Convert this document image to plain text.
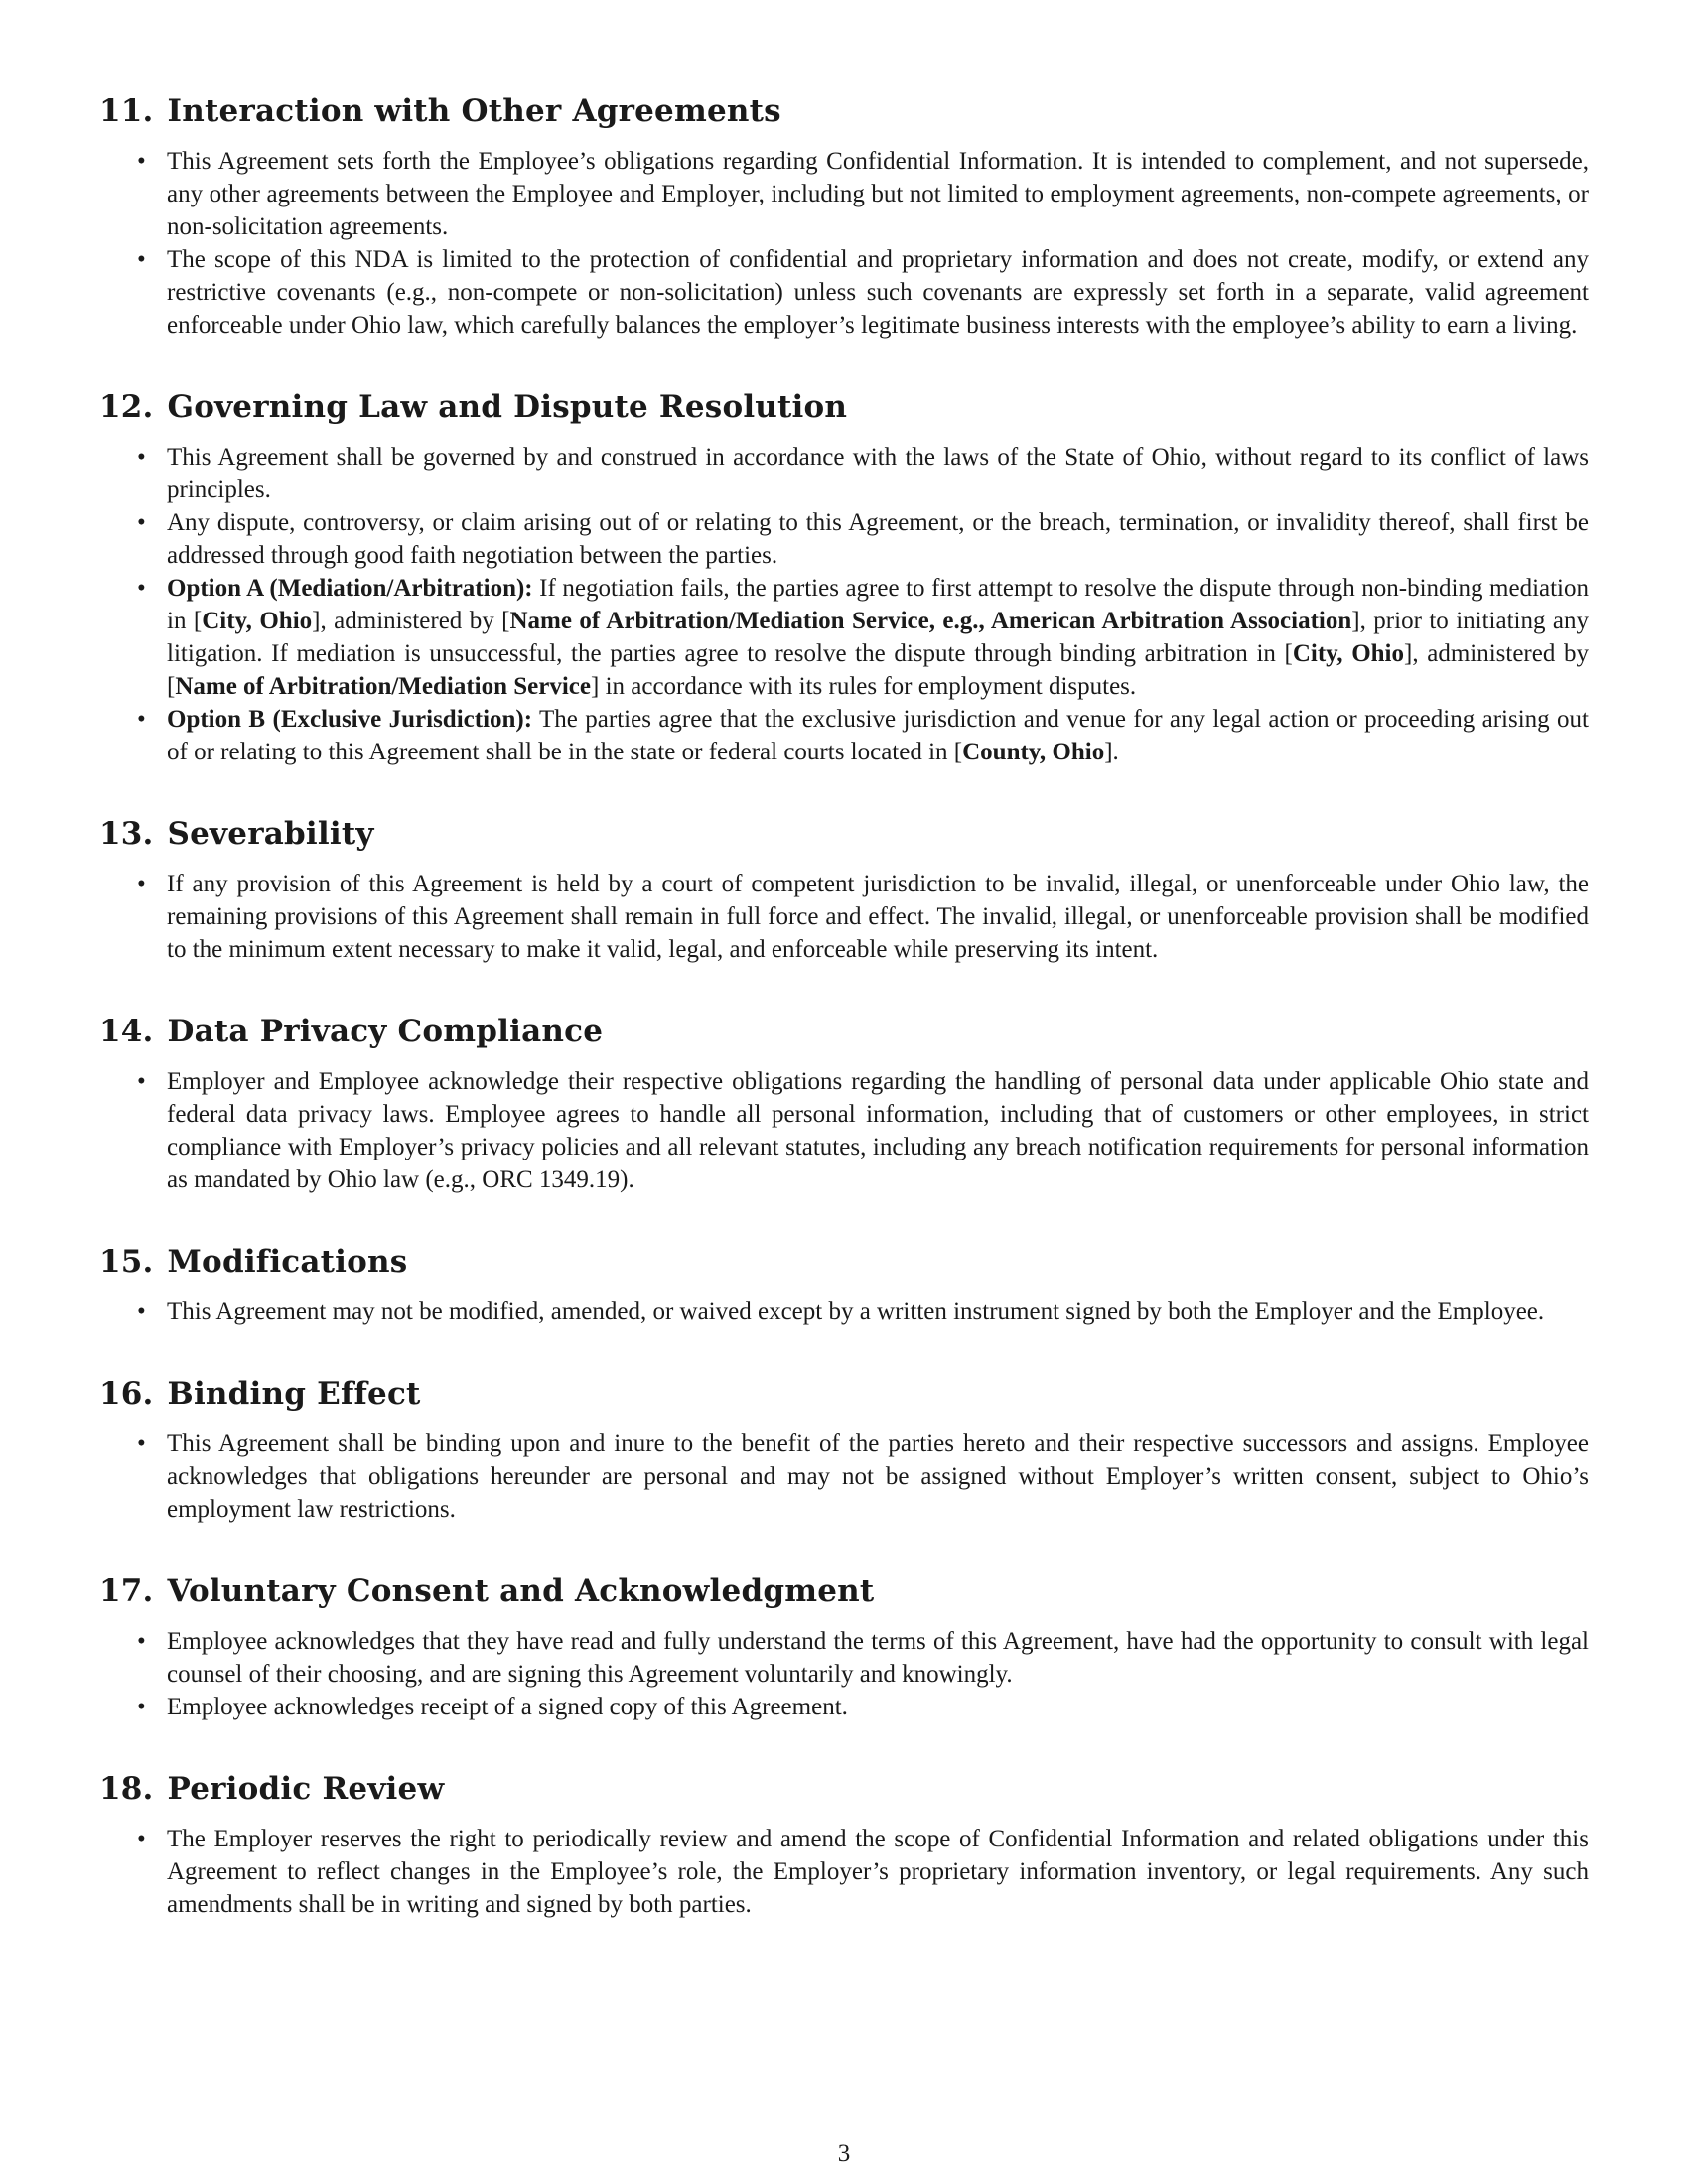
11. Interaction with Other Agreements
• This Agreement sets forth the Employee’s obligations regarding Confidential Information. It is intended to complement, and not supersede, any other agreements between the Employee and Employer, including but not limited to employment agreements, non-compete agreements, or non-solicitation agreements.
• The scope of this NDA is limited to the protection of confidential and proprietary information and does not create, modify, or extend any restrictive covenants (e.g., non-compete or non-solicitation) unless such covenants are expressly set forth in a separate, valid agreement enforceable under Ohio law, which carefully balances the employer’s legitimate business interests with the employee’s ability to earn a living.
12. Governing Law and Dispute Resolution
• This Agreement shall be governed by and construed in accordance with the laws of the State of Ohio, without regard to its conflict of laws principles.
• Any dispute, controversy, or claim arising out of or relating to this Agreement, or the breach, termination, or invalidity thereof, shall first be addressed through good faith negotiation between the parties.
• Option A (Mediation/Arbitration): If negotiation fails, the parties agree to first attempt to resolve the dispute through non-binding mediation in [City, Ohio], administered by [Name of Arbitration/Mediation Service, e.g., American Arbitration Association], prior to initiating any litigation. If mediation is unsuccessful, the parties agree to resolve the dispute through binding arbitration in [City, Ohio], administered by [Name of Arbitration/Mediation Service] in accordance with its rules for employment disputes.
• Option B (Exclusive Jurisdiction): The parties agree that the exclusive jurisdiction and venue for any legal action or proceeding arising out of or relating to this Agreement shall be in the state or federal courts located in [County, Ohio].
13. Severability
• If any provision of this Agreement is held by a court of competent jurisdiction to be invalid, illegal, or unenforceable under Ohio law, the remaining provisions of this Agreement shall remain in full force and effect. The invalid, illegal, or unenforceable provision shall be modified to the minimum extent necessary to make it valid, legal, and enforceable while preserving its intent.
14. Data Privacy Compliance
• Employer and Employee acknowledge their respective obligations regarding the handling of personal data under applicable Ohio state and federal data privacy laws. Employee agrees to handle all personal information, including that of customers or other employees, in strict compliance with Employer’s privacy policies and all relevant statutes, including any breach notification requirements for personal information as mandated by Ohio law (e.g., ORC 1349.19).
15. Modifications
• This Agreement may not be modified, amended, or waived except by a written instrument signed by both the Employer and the Employee.
16. Binding Effect
• This Agreement shall be binding upon and inure to the benefit of the parties hereto and their respective successors and assigns. Employee acknowledges that obligations hereunder are personal and may not be assigned without Employer’s written consent, subject to Ohio’s employment law restrictions.
17. Voluntary Consent and Acknowledgment
• Employee acknowledges that they have read and fully understand the terms of this Agreement, have had the opportunity to consult with legal counsel of their choosing, and are signing this Agreement voluntarily and knowingly.
• Employee acknowledges receipt of a signed copy of this Agreement.
18. Periodic Review
• The Employer reserves the right to periodically review and amend the scope of Confidential Information and related obligations under this Agreement to reflect changes in the Employee’s role, the Employer’s proprietary information inventory, or legal requirements. Any such amendments shall be in writing and signed by both parties.
3
